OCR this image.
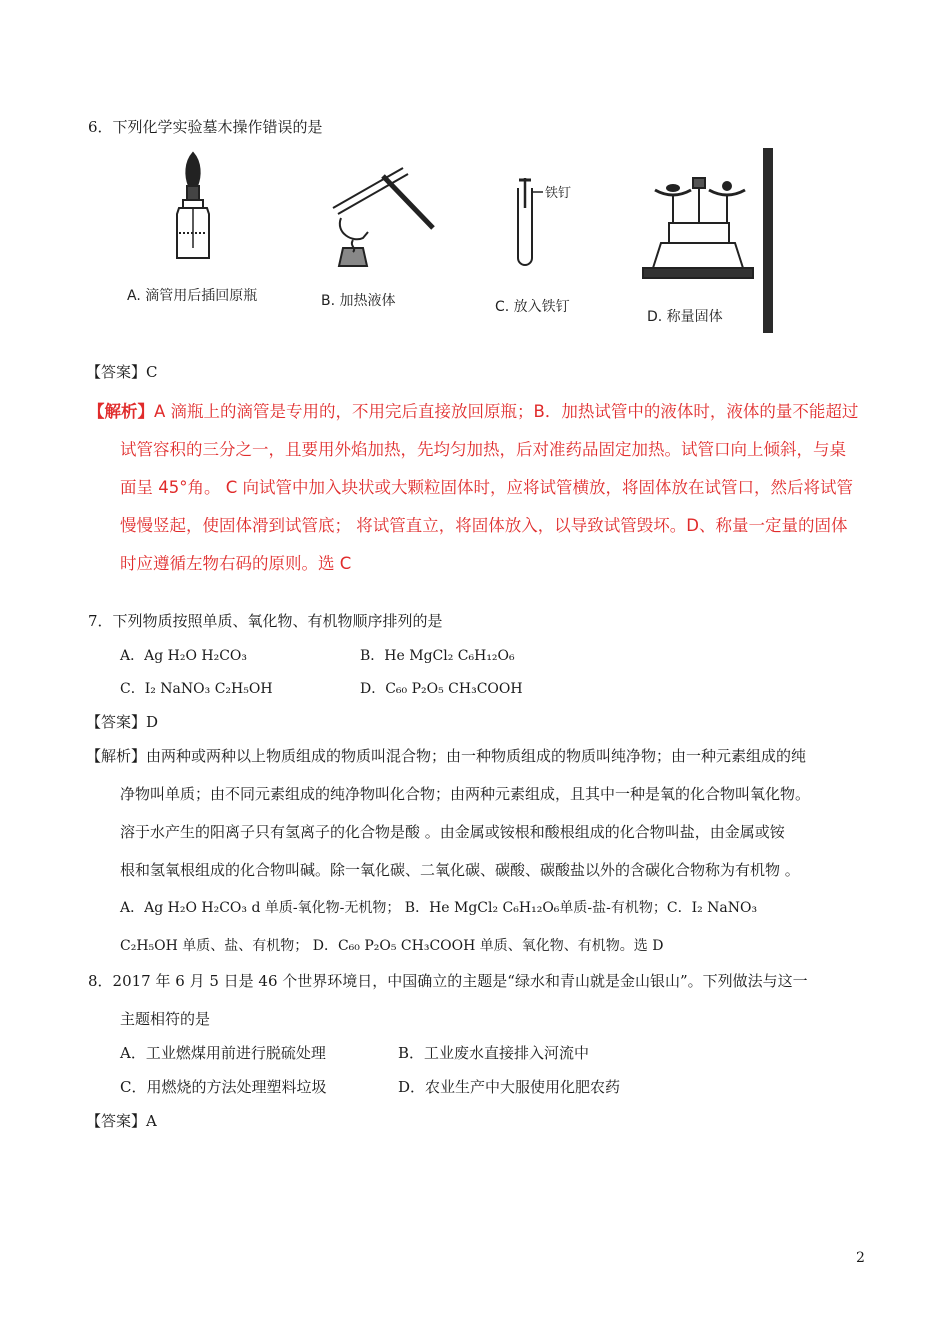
6．下列化学实验墓木操作错误的是
铁钉
A. 滴管用后插回原瓶	B. 加热液体	C. 放入铁钉
D. 称量固体
【答案】C
【解析】A 滴瓶上的滴管是专用的，不用完后直接放回原瓶；B．加热试管中的液体时，液体的量不能超过
试管容积的三分之一，且要用外焰加热，先均匀加热，后对准药品固定加热。试管口向上倾斜，与桌
面呈 45°角。 C 向试管中加入块状或大颗粒固体时，应将试管横放，将固体放在试管口，然后将试管
慢慢竖起，使固体滑到试管底； 将试管直立，将固体放入，以导致试管毁坏。D、称量一定量的固体
时应遵循左物右码的原则。选 C
7．下列物质按照单质、氧化物、有机物顺序排列的是
A．Ag H₂O H₂CO₃	B．He MgCl₂ C₆H₁₂O₆
C．I₂ NaNO₃ C₂H₅OH	D．C₆₀ P₂O₅ CH₃COOH
【答案】D
【解析】由两种或两种以上物质组成的物质叫混合物；由一种物质组成的物质叫纯净物；由一种元素组成的纯
净物叫单质；由不同元素组成的纯净物叫化合物；由两种元素组成，且其中一种是氧的化合物叫氧化物。
溶于水产生的阳离子只有氢离子的化合物是酸 。由金属或铵根和酸根组成的化合物叫盐，由金属或铵
根和氢氧根组成的化合物叫碱。除一氧化碳、二氧化碳、碳酸、碳酸盐以外的含碳化合物称为有机物 。
A．Ag H₂O H₂CO₃ d 单质-氧化物-无机物； B．He MgCl₂ C₆H₁₂O₆单质-盐-有机物；C．I₂ NaNO₃
C₂H₅OH 单质、盐、有机物； D．C₆₀ P₂O₅ CH₃COOH 单质、氧化物、有机物。选 D
8．2017 年 6 月 5 日是 46 个世界环境日，中国确立的主题是“绿水和青山就是金山银山”。下列做法与这一
主题相符的是
A．工业燃煤用前进行脱硫处理	B．工业废水直接排入河流中
C．用燃烧的方法处理塑料垃圾	D．农业生产中大服使用化肥农药
【答案】A
2
